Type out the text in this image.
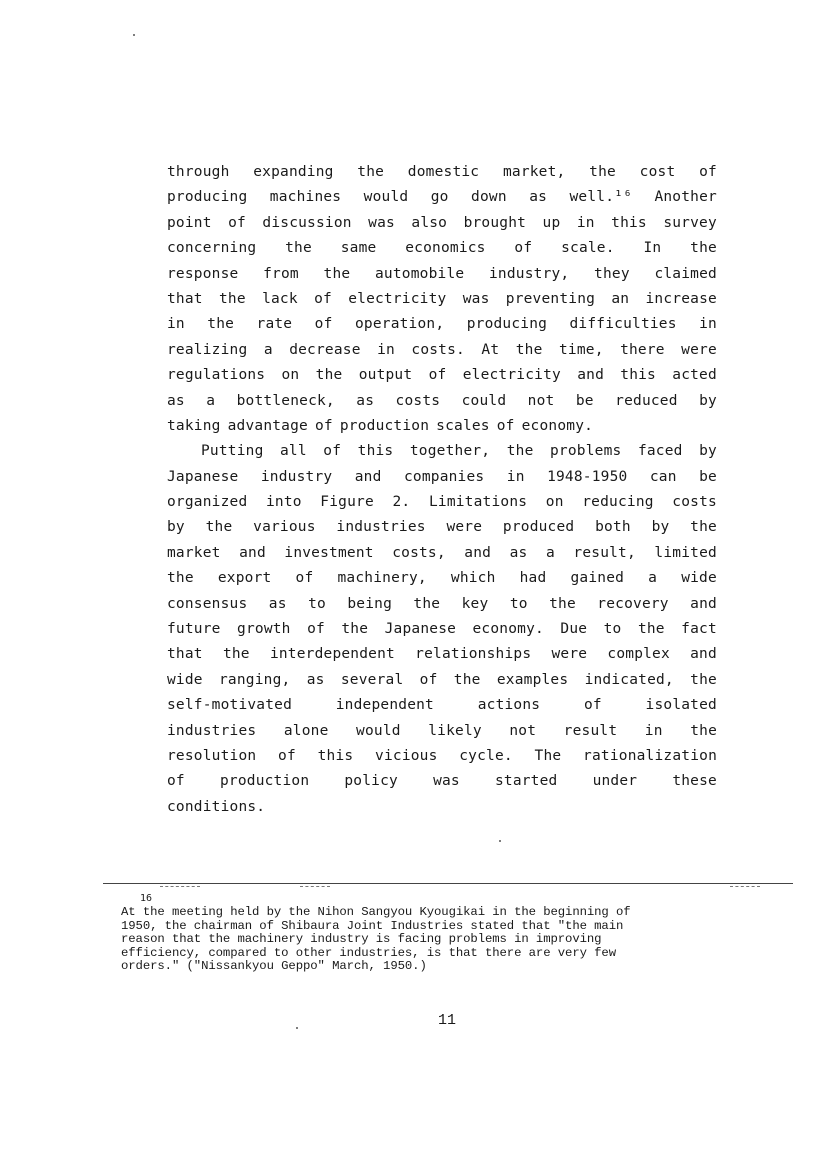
through expanding the domestic market, the cost of
producing machines would go down as well.¹⁶ Another
point of discussion was also brought up in this survey
concerning the same economics of scale. In the
response from the automobile industry, they claimed
that the lack of electricity was preventing an increase
in the rate of operation, producing difficulties in
realizing a decrease in costs. At the time, there were
regulations on the output of electricity and this acted
as a bottleneck, as costs could not be reduced by
taking advantage of production scales of economy.
Putting all of this together, the problems faced by
Japanese industry and companies in 1948-1950 can be
organized into Figure 2. Limitations on reducing costs
by the various industries were produced both by the
market and investment costs, and as a result, limited
the export of machinery, which had gained a wide
consensus as to being the key to the recovery and
future growth of the Japanese economy. Due to the fact
that the interdependent relationships were complex and
wide ranging, as several of the examples indicated, the
self-motivated	independent	actions	of	isolated
industries alone would likely not result in the
resolution of this vicious cycle. The rationalization
of production policy was started under these
conditions.
16
At the meeting held by the Nihon Sangyou Kyougikai in the beginning of
1950, the chairman of Shibaura Joint Industries stated that "the main
reason that the machinery industry is facing problems in improving
efficiency, compared to other industries, is that there are very few
orders." ("Nissankyou Geppo" March, 1950.)
11
